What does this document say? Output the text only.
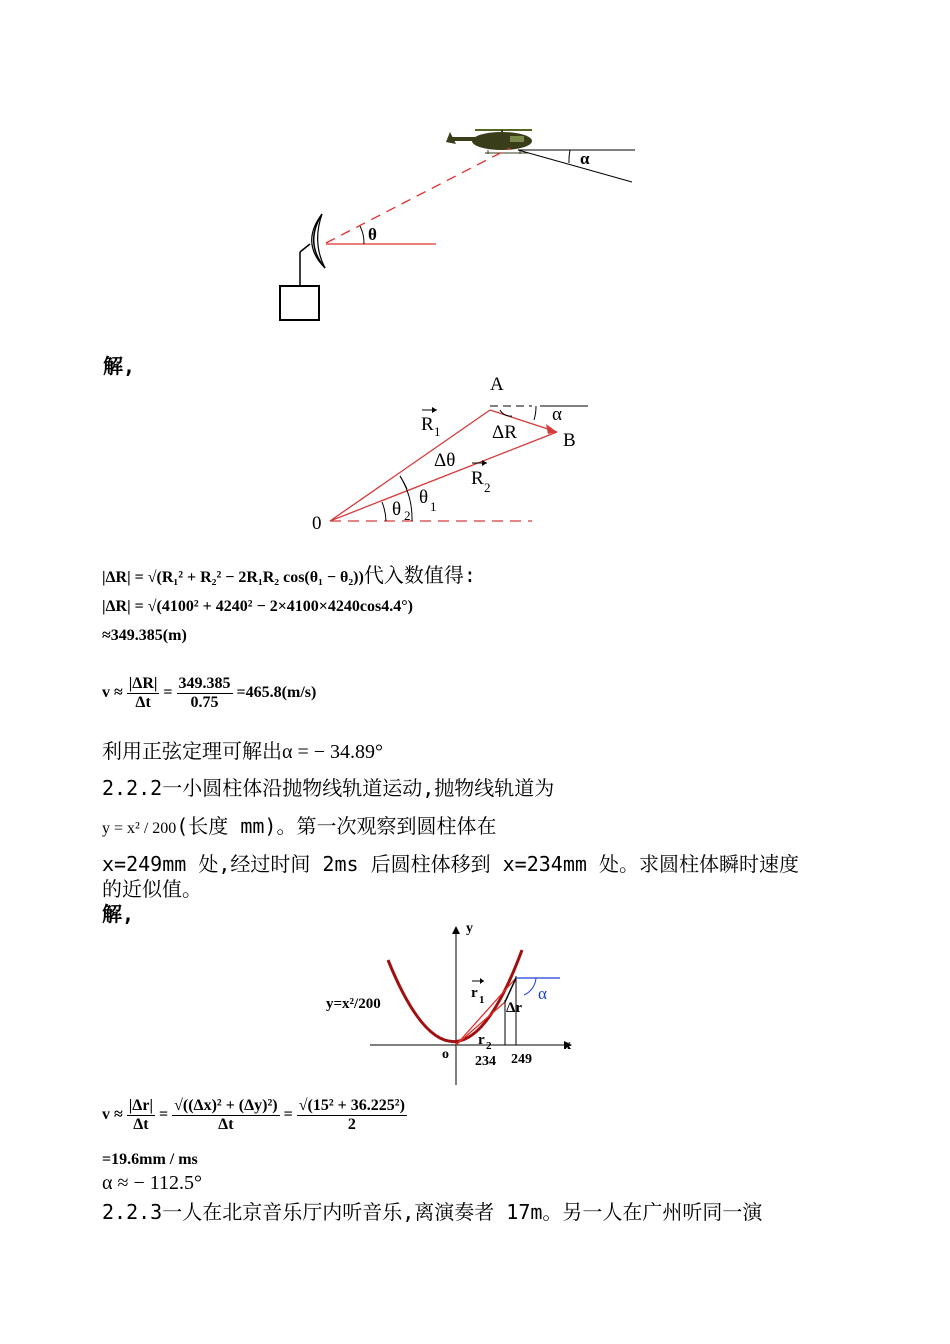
α
θ
解,
A
B
0
α
ΔR
Δθ
R 1
R 2
θ 1
θ 2
|ΔR| = √(R₁² + R₂² − 2R₁R₂ cos(θ₁ − θ₂))代入数值得:
|ΔR| = √(4100² + 4240² − 2×4100×4240cos4.4°)
≈349.385(m)
$v \approx \frac{|\Delta R|}{\Delta t} = \frac{349.385}{0.75} =465.8(m/s)$
利用正弦定理可解出α = − 34.89°
2.2.2一小圆柱体沿抛物线轨道运动,抛物线轨道为
y = x² / 200(长度 mm)。第一次观察到圆柱体在
x=249mm 处,经过时间 2ms 后圆柱体移到 x=234mm 处。求圆柱体瞬时速度
的近似值。
解,
α
y=x²/200
y
x
o
r 1
r 2
Δr
234 249
$v \approx \frac{|\Delta r|}{\Delta t} = \frac{\text{√((Δx)² + (Δy)²)}}{\Delta t} = \frac{\text{√(15² + 36.225²)}}{2}$
=19.6mm / ms
α ≈ − 112.5°
2.2.3一人在北京音乐厅内听音乐,离演奏者 17m。另一人在广州听同一演
